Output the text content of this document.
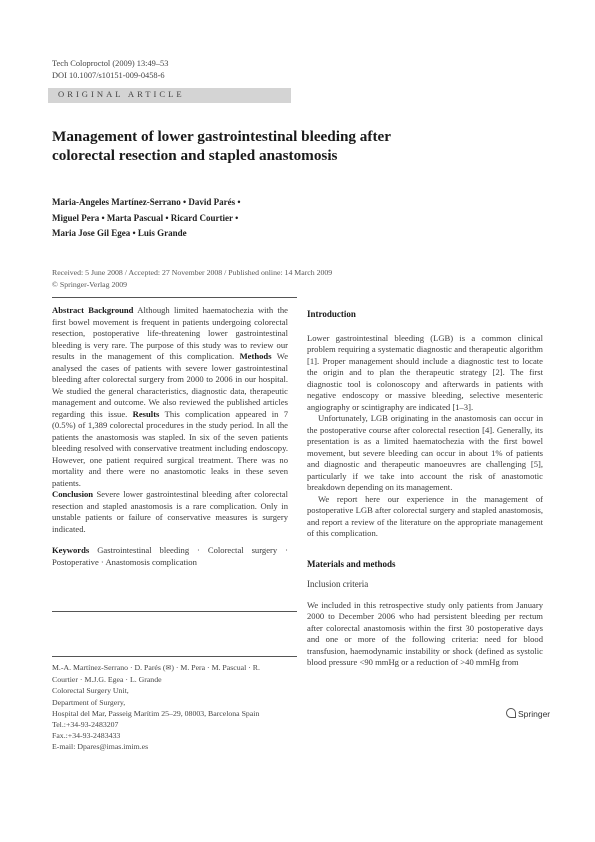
Tech Coloproctol (2009) 13:49–53
DOI 10.1007/s10151-009-0458-6
ORIGINAL ARTICLE
Management of lower gastrointestinal bleeding after
colorectal resection and stapled anastomosis
Maria-Angeles Martínez-Serrano • David Parés •
Miguel Pera • Marta Pascual • Ricard Courtier •
Maria Jose Gil Egea • Luis Grande
Received: 5 June 2008 / Accepted: 27 November 2008 / Published online: 14 March 2009
© Springer-Verlag 2009

Abstract Background Although limited haematochezia with the first bowel movement is frequent in patients undergoing colorectal resection, postoperative life-threatening lower gastrointestinal bleeding is very rare. The purpose of this study was to review our results in the management of this complication. Methods We analysed the cases of patients with severe lower gastrointestinal bleeding after colorectal surgery from 2000 to 2006 in our hospital. We studied the general characteristics, diagnostic data, therapeutic management and outcome. We also reviewed the published articles regarding this issue. Results This complication appeared in 7 (0.5%) of 1,389 colorectal procedures in the study period. In all the patients the anastomosis was stapled. In six of the seven patients bleeding resolved with conservative treatment including endoscopy. However, one patient required surgical treatment. There was no mortality and there were no anastomotic leaks in these seven patients.

Conclusion Severe lower gastrointestinal bleeding after colorectal resection and stapled anastomosis is a rare complication. Only in unstable patients or failure of conservative measures is surgery indicated.

Keywords Gastrointestinal bleeding · Colorectal surgery · Postoperative · Anastomosis complication

M.-A. Martínez-Serrano · D. Parés (✉) · M. Pera · M. Pascual · R.
Courtier · M.J.G. Egea · L. Grande
Colorectal Surgery Unit,
Department of Surgery,
Hospital del Mar, Passeig Marítim 25–29, 08003, Barcelona Spain
Tel.:+34-93-2483207
Fax.:+34-93-2483433
E-mail: Dpares@imas.imim.es

Introduction

Lower gastrointestinal bleeding (LGB) is a common clinical problem requiring a systematic diagnostic and therapeutic algorithm [1]. Proper management should include a diagnostic test to locate the origin and to plan the therapeutic strategy [2]. The first diagnostic tool is colonoscopy and afterwards in patients with negative endoscopy or massive bleeding, selective mesenteric angiography or scintigraphy are indicated [1–3].

Unfortunately, LGB originating in the anastomosis can occur in the postoperative course after colorectal resection [4]. Generally, its presentation is as a limited haematochezia with the first bowel movement, but severe bleeding can occur in about 1% of patients and diagnostic and therapeutic manoeuvres are challenging [5], particularly if we take into account the risk of anastomotic breakdown depending on its management.

We report here our experience in the management of postoperative LGB after colorectal surgery and stapled anastomosis, and report a review of the literature on the appropriate management of this complication.

Materials and methods

Inclusion criteria

We included in this retrospective study only patients from January 2000 to December 2006 who had persistent bleeding per rectum after colorectal anastomosis within the first 30 postoperative days and one or more of the following criteria: need for blood transfusion, haemodynamic instability or shock (defined as systolic blood pressure <90 mmHg or a reduction of >40 mmHg from

Springer
